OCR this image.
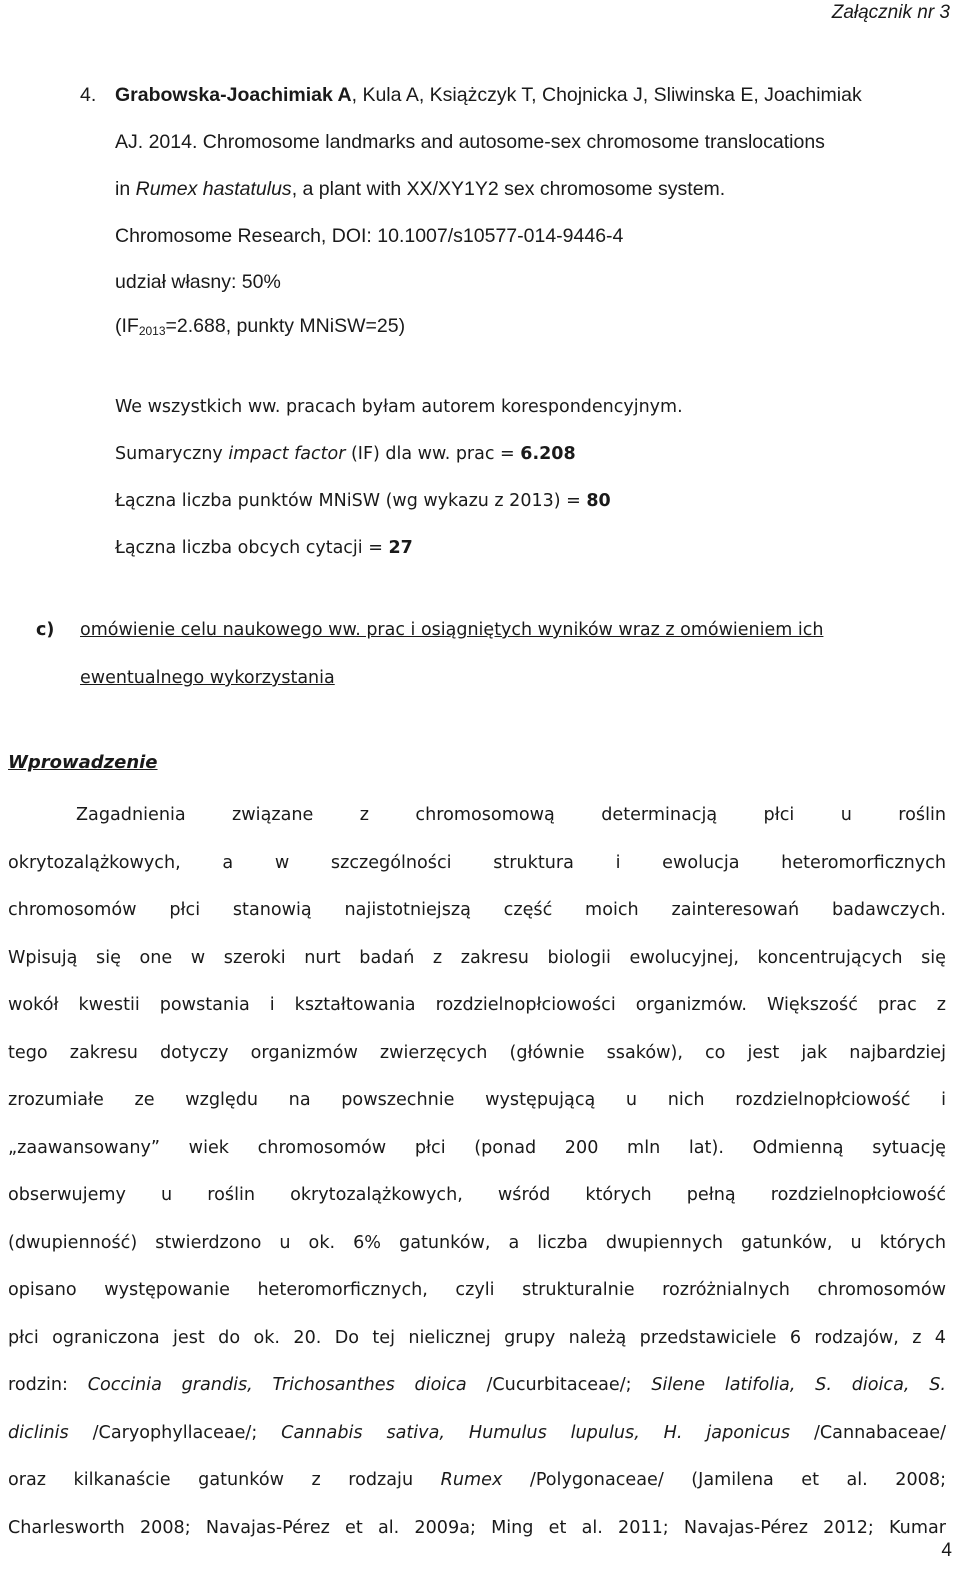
Załącznik nr 3
4. Grabowska-Joachimiak A, Kula A, Książczyk T, Chojnicka J, Sliwinska E, Joachimiak
AJ. 2014. Chromosome landmarks and autosome-sex chromosome translocations
in Rumex hastatulus, a plant with XX/XY1Y2 sex chromosome system.
Chromosome Research, DOI: 10.1007/s10577-014-9446-4
udział własny: 50%
($IF_{2013}=2.688$, punkty MNiSW=25)
We wszystkich ww. pracach byłam autorem korespondencyjnym.
Sumaryczny impact factor (IF) dla ww. prac = 6.208
Łączna liczba punktów MNiSW (wg wykazu z 2013) = 80
Łączna liczba obcych cytacji = 27
c)	omówienie celu naukowego ww. prac i osiągniętych wyników wraz z omówieniem ich
ewentualnego wykorzystania
Wprowadzenie
Zagadnienia związane z chromosomową determinacją płci u roślin
okrytozalążkowych, a w szczególności struktura i ewolucja heteromorficznych
chromosomów płci stanowią najistotniejszą część moich zainteresowań badawczych.
Wpisują się one w szeroki nurt badań z zakresu biologii ewolucyjnej, koncentrujących się
wokół kwestii powstania i kształtowania rozdzielnopłciowości organizmów. Większość prac z
tego zakresu dotyczy organizmów zwierzęcych (głównie ssaków), co jest jak najbardziej
zrozumiałe ze względu na powszechnie występującą u nich rozdzielnopłciowość i
„zaawansowany” wiek chromosomów płci (ponad 200 mln lat). Odmienną sytuację
obserwujemy u roślin okrytozalążkowych, wśród których pełną rozdzielnopłciowość
(dwupienność) stwierdzono u ok. 6% gatunków, a liczba dwupiennych gatunków, u których
opisano występowanie heteromorficznych, czyli strukturalnie rozróżnialnych chromosomów
płci ograniczona jest do ok. 20. Do tej nielicznej grupy należą przedstawiciele 6 rodzajów, z 4
rodzin: Coccinia grandis, Trichosanthes dioica /Cucurbitaceae/; Silene latifolia, S. dioica, S.
diclinis /Caryophyllaceae/; Cannabis sativa, Humulus lupulus, H. japonicus /Cannabaceae/
oraz kilkanaście gatunków z rodzaju Rumex /Polygonaceae/ (Jamilena et al. 2008;
Charlesworth 2008; Navajas-Pérez et al. 2009a; Ming et al. 2011; Navajas-Pérez 2012; Kumar
4
